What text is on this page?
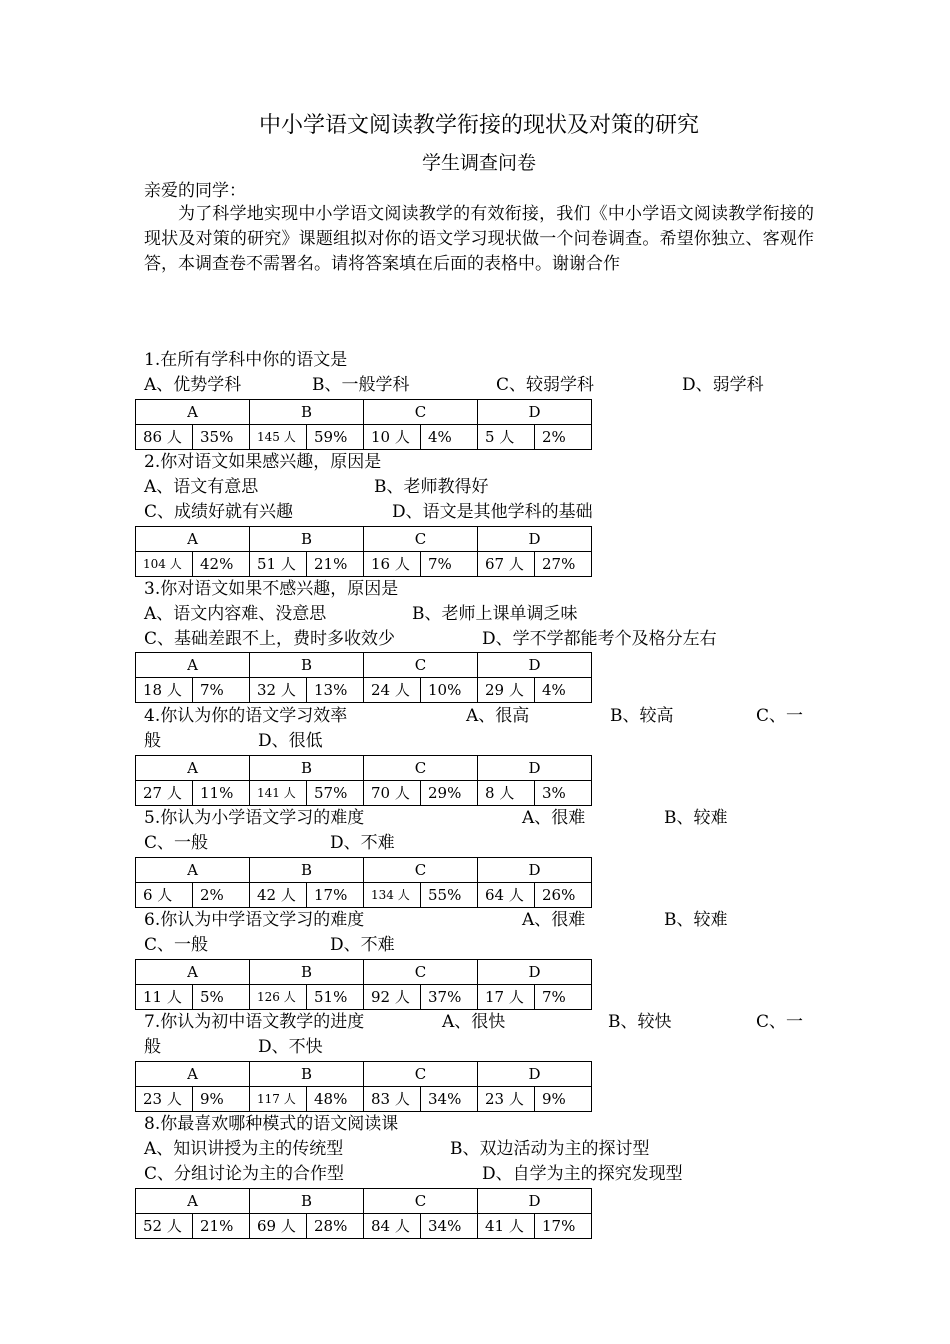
中小学语文阅读教学衔接的现状及对策的研究
学生调查问卷
亲爱的同学：
为了科学地实现中小学语文阅读教学的有效衔接，我们《中小学语文阅读教学衔接的现状及对策的研究》课题组拟对你的语文学习现状做一个问卷调查。希望你独立、客观作答，本调查卷不需署名。请将答案填在后面的表格中。谢谢合作
1.在所有学科中你的语文是
A、优势学科	B、一般学科	C、较弱学科	D、弱学科
A		B		C		D	
86 人	35%	145 人	59%	10 人	4%	5 人	2%
2.你对语文如果感兴趣，原因是
A、语文有意思	B、老师教得好
C、成绩好就有兴趣	D、语文是其他学科的基础
A		B		C		D	
104 人	42%	51 人	21%	16 人	7%	67 人	27%
3.你对语文如果不感兴趣，原因是
A、语文内容难、没意思	B、老师上课单调乏味
C、基础差跟不上，费时多收效少	D、学不学都能考个及格分左右
A		B		C		D	
18 人	7%	32 人	13%	24 人	10%	29 人	4%
4.你认为你的语文学习效率	A、很高	B、较高	C、一
般	D、很低
A		B		C		D	
27 人	11%	141 人	57%	70 人	29%	8 人	3%
5.你认为小学语文学习的难度	A、很难	B、较难
C、一般	D、不难
A		B		C		D	
6 人	2%	42 人	17%	134 人	55%	64 人	26%
6.你认为中学语文学习的难度	A、很难	B、较难
C、一般	D、不难
A		B		C		D	
11 人	5%	126 人	51%	92 人	37%	17 人	7%
7.你认为初中语文教学的进度	A、很快	B、较快	C、一
般	D、不快
A		B		C		D	
23 人	9%	117 人	48%	83 人	34%	23 人	9%
8.你最喜欢哪种模式的语文阅读课
A、知识讲授为主的传统型	B、双边活动为主的探讨型
C、分组讨论为主的合作型	D、自学为主的探究发现型
A		B		C		D	
52 人	21%	69 人	28%	84 人	34%	41 人	17%
